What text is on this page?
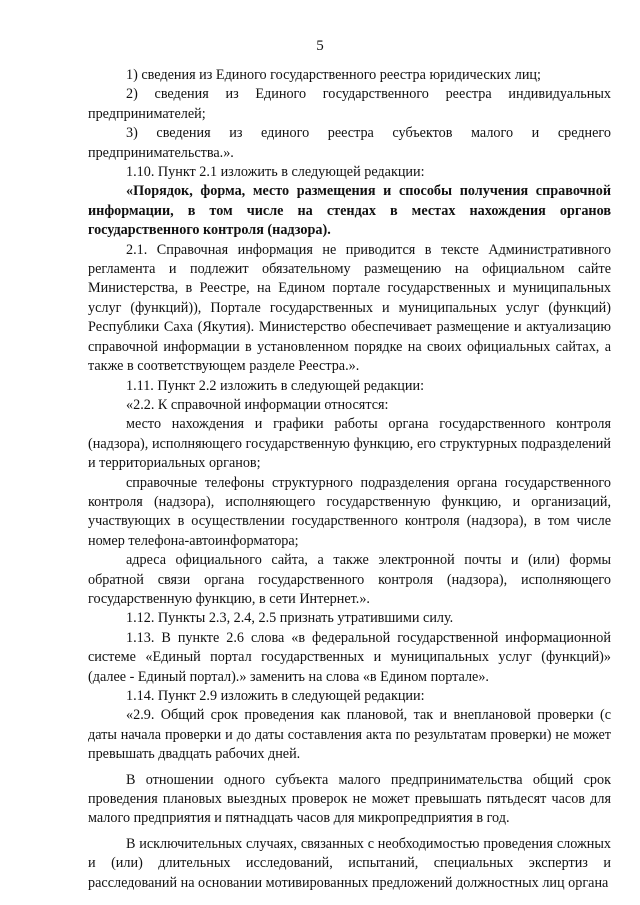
5

1) сведения из Единого государственного реестра юридических лиц;

2) сведения из Единого государственного реестра индивидуальных предпринимателей;

3) сведения из единого реестра субъектов малого и среднего предпринимательства.».

1.10. Пункт 2.1 изложить в следующей редакции:

«Порядок, форма, место размещения и способы получения справочной информации, в том числе на стендах в местах нахождения органов государственного контроля (надзора).

2.1. Справочная информация не приводится в тексте Административного регламента и подлежит обязательному размещению на официальном сайте Министерства, в Реестре, на Едином портале государственных и муниципальных услуг (функций)), Портале государственных и муниципальных услуг (функций) Республики Саха (Якутия). Министерство обеспечивает размещение и актуализацию справочной информации в установленном порядке на своих официальных сайтах, а также в соответствующем разделе Реестра.».

1.11. Пункт 2.2 изложить в следующей редакции:

«2.2. К справочной информации относятся:

место нахождения и графики работы органа государственного контроля (надзора), исполняющего государственную функцию, его структурных подразделений и территориальных органов;

справочные телефоны структурного подразделения органа государственного контроля (надзора), исполняющего государственную функцию, и организаций, участвующих в осуществлении государственного контроля (надзора), в том числе номер телефона-автоинформатора;

адреса официального сайта, а также электронной почты и (или) формы обратной связи органа государственного контроля (надзора), исполняющего государственную функцию, в сети Интернет.».

1.12. Пункты 2.3, 2.4, 2.5 признать утратившими силу.

1.13. В пункте 2.6 слова «в федеральной государственной информационной системе «Единый портал государственных и муниципальных услуг (функций)» (далее - Единый портал).» заменить на слова «в Едином портале».

1.14. Пункт 2.9 изложить в следующей редакции:

«2.9. Общий срок проведения как плановой, так и внеплановой проверки (с даты начала проверки и до даты составления акта по результатам проверки) не может превышать двадцать рабочих дней.

В отношении одного субъекта малого предпринимательства общий срок проведения плановых выездных проверок не может превышать пятьдесят часов для малого предприятия и пятнадцать часов для микропредприятия в год.

В исключительных случаях, связанных с необходимостью проведения сложных и (или) длительных исследований, испытаний, специальных экспертиз и расследований на основании мотивированных предложений должностных лиц органа
